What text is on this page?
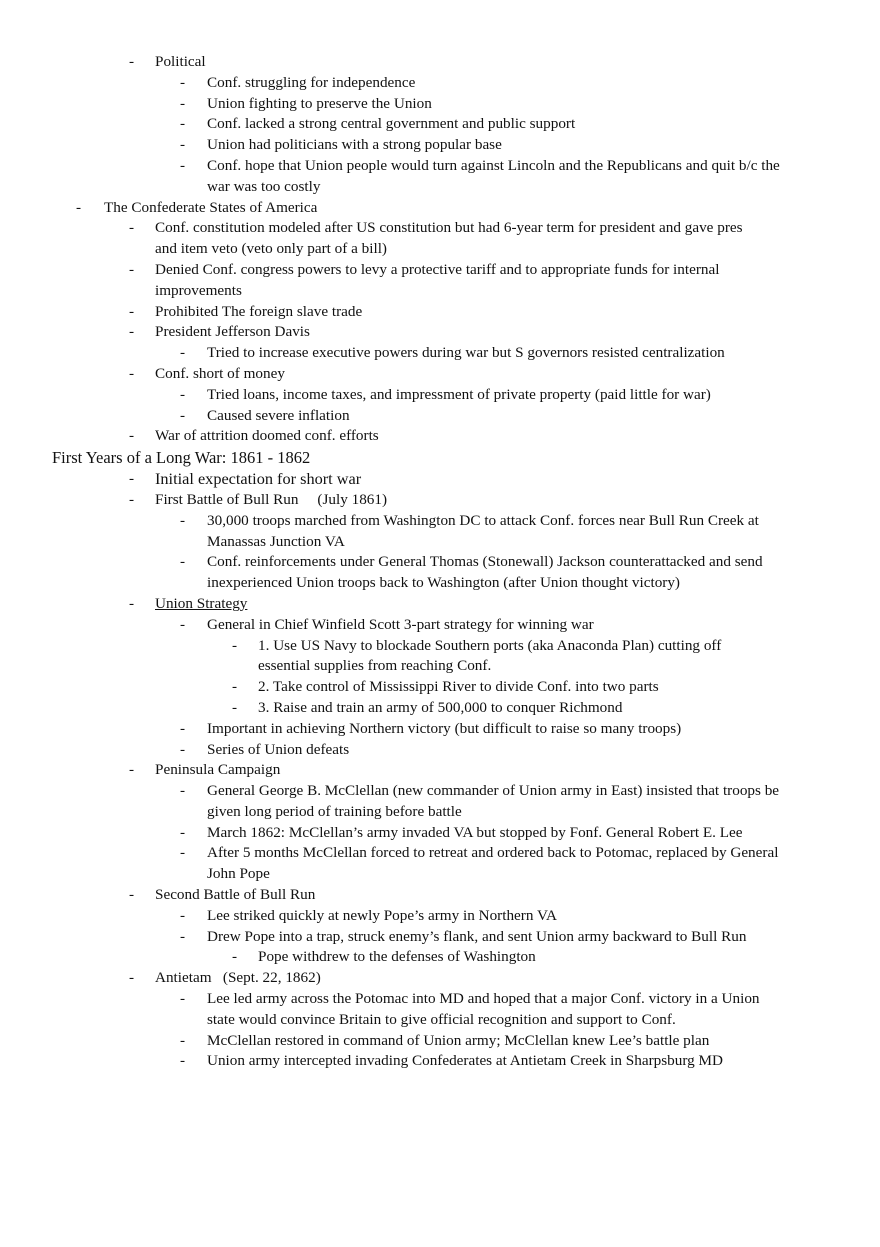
- Political
- Conf. struggling for independence
- Union fighting to preserve the Union
- Conf. lacked a strong central government and public support
- Union had politicians with a strong popular base
- Conf. hope that Union people would turn against Lincoln and the Republicans and quit b/c the war was too costly
- The Confederate States of America
- Conf. constitution modeled after US constitution but had 6-year term for president and gave pres and item veto (veto only part of a bill)
- Denied Conf. congress powers to levy a protective tariff and to appropriate funds for internal improvements
- Prohibited The foreign slave trade
- President Jefferson Davis
- Tried to increase executive powers during war but S governors resisted centralization
- Conf. short of money
- Tried loans, income taxes, and impressment of private property (paid little for war)
- Caused severe inflation
- War of attrition doomed conf. efforts
First Years of a Long War: 1861 - 1862
- Initial expectation for short war
- First Battle of Bull Run     (July 1861)
- 30,000 troops marched from Washington DC to attack Conf. forces near Bull Run Creek at Manassas Junction VA
- Conf. reinforcements under General Thomas (Stonewall) Jackson counterattacked and send inexperienced Union troops back to Washington (after Union thought victory)
- Union Strategy
- General in Chief Winfield Scott 3-part strategy for winning war
- 1. Use US Navy to blockade Southern ports (aka Anaconda Plan) cutting off essential supplies from reaching Conf.
- 2. Take control of Mississippi River to divide Conf. into two parts
- 3. Raise and train an army of 500,000 to conquer Richmond
- Important in achieving Northern victory (but difficult to raise so many troops)
- Series of Union defeats
- Peninsula Campaign
- General George B. McClellan (new commander of Union army in East) insisted that troops be given long period of training before battle
- March 1862: McClellan’s army invaded VA but stopped by Fonf. General Robert E. Lee
- After 5 months McClellan forced to retreat and ordered back to Potomac, replaced by General John Pope
- Second Battle of Bull Run
- Lee striked quickly at newly Pope’s army in Northern VA
- Drew Pope into a trap, struck enemy’s flank, and sent Union army backward to Bull Run
- Pope withdrew to the defenses of Washington
- Antietam   (Sept. 22, 1862)
- Lee led army across the Potomac into MD and hoped that a major Conf. victory in a Union state would convince Britain to give official recognition and support to Conf.
- McClellan restored in command of Union army; McClellan knew Lee’s battle plan
- Union army intercepted invading Confederates at Antietam Creek in Sharpsburg MD
